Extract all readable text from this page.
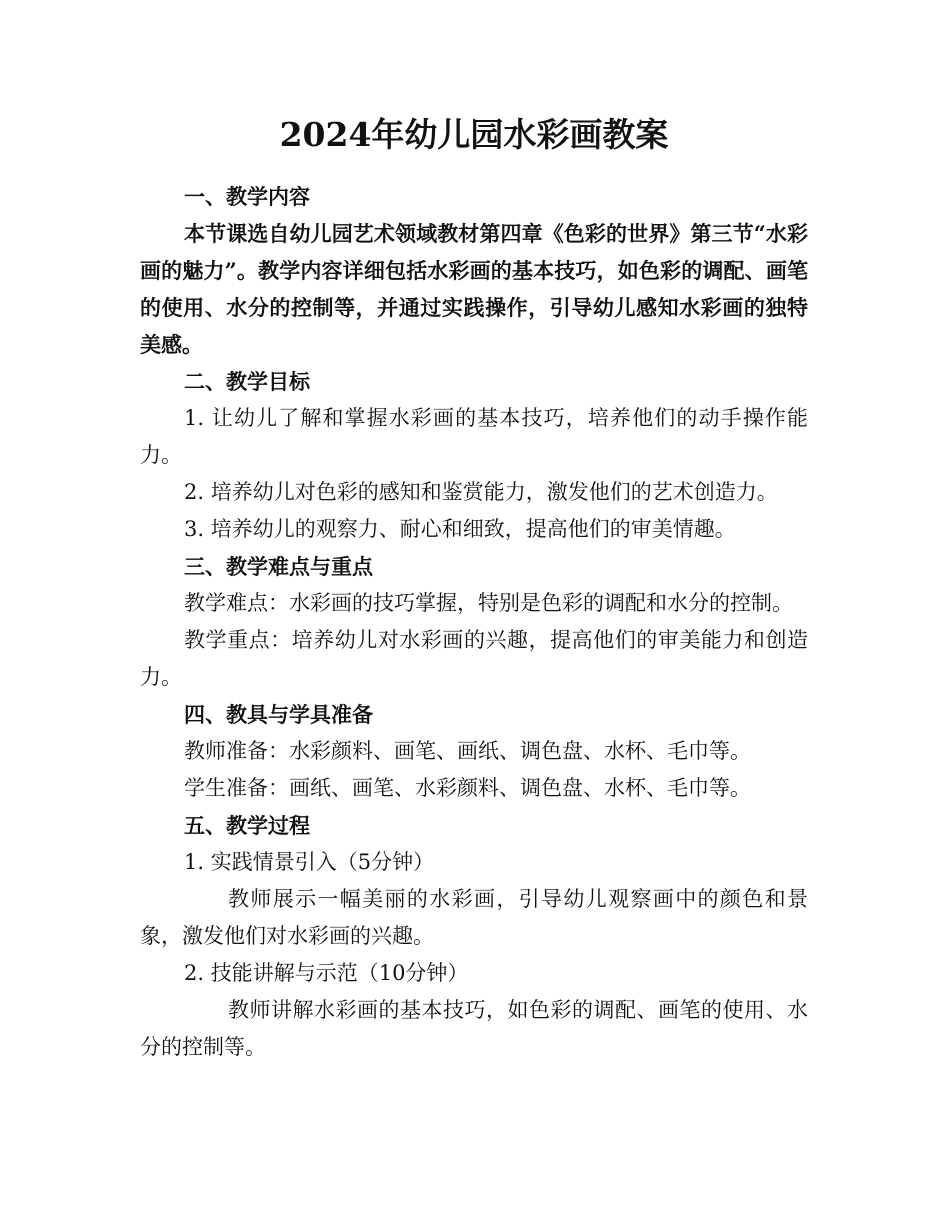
2024年幼儿园水彩画教案

一、教学内容

本节课选自幼儿园艺术领域教材第四章《色彩的世界》第三节“水彩画的魅力”。教学内容详细包括水彩画的基本技巧，如色彩的调配、画笔的使用、水分的控制等，并通过实践操作，引导幼儿感知水彩画的独特美感。

二、教学目标

1. 让幼儿了解和掌握水彩画的基本技巧，培养他们的动手操作能力。

2. 培养幼儿对色彩的感知和鉴赏能力，激发他们的艺术创造力。

3. 培养幼儿的观察力、耐心和细致，提高他们的审美情趣。

三、教学难点与重点

教学难点：水彩画的技巧掌握，特别是色彩的调配和水分的控制。

教学重点：培养幼儿对水彩画的兴趣，提高他们的审美能力和创造力。

四、教具与学具准备

教师准备：水彩颜料、画笔、画纸、调色盘、水杯、毛巾等。

学生准备：画纸、画笔、水彩颜料、调色盘、水杯、毛巾等。

五、教学过程

1. 实践情景引入（5分钟）

教师展示一幅美丽的水彩画，引导幼儿观察画中的颜色和景象，激发他们对水彩画的兴趣。

2. 技能讲解与示范（10分钟）

教师讲解水彩画的基本技巧，如色彩的调配、画笔的使用、水分的控制等。
